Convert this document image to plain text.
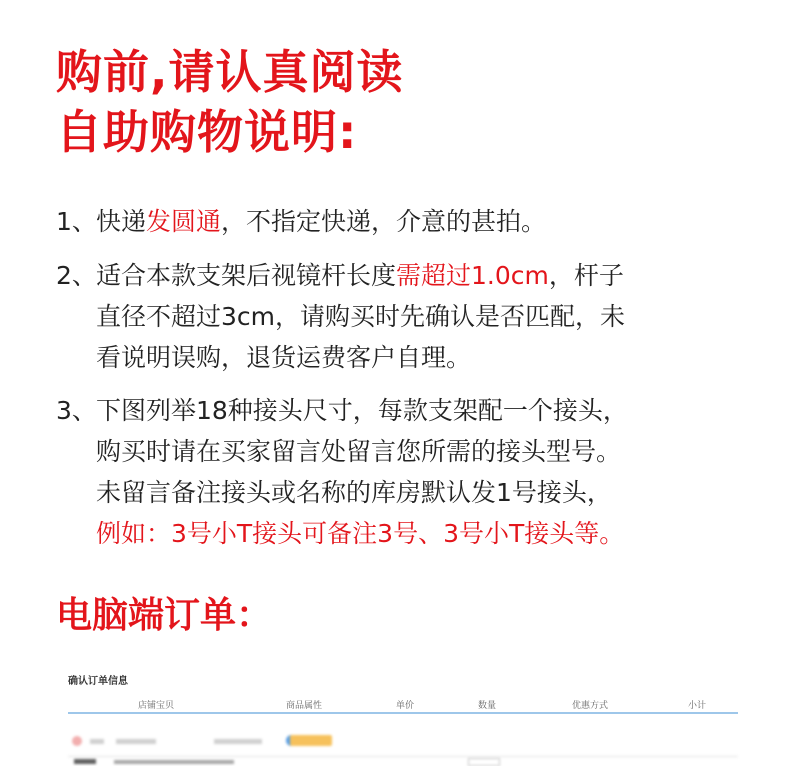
购前,请认真阅读
自助购物说明:
1、 快递发圆通，不指定快递，介意的甚拍。
2、 适合本款支架后视镜杆长度需超过1.0cm，杆子
直径不超过3cm，请购买时先确认是否匹配，未
看说明误购，退货运费客户自理。
3、 下图列举18种接头尺寸，每款支架配一个接头，
购买时请在买家留言处留言您所需的接头型号。
未留言备注接头或名称的库房默认发1号接头，
例如：3号小T接头可备注3号、3号小T接头等。
电脑端订单：
确认订单信息
店铺宝贝	商品属性	单价	数量	优惠方式	小计
